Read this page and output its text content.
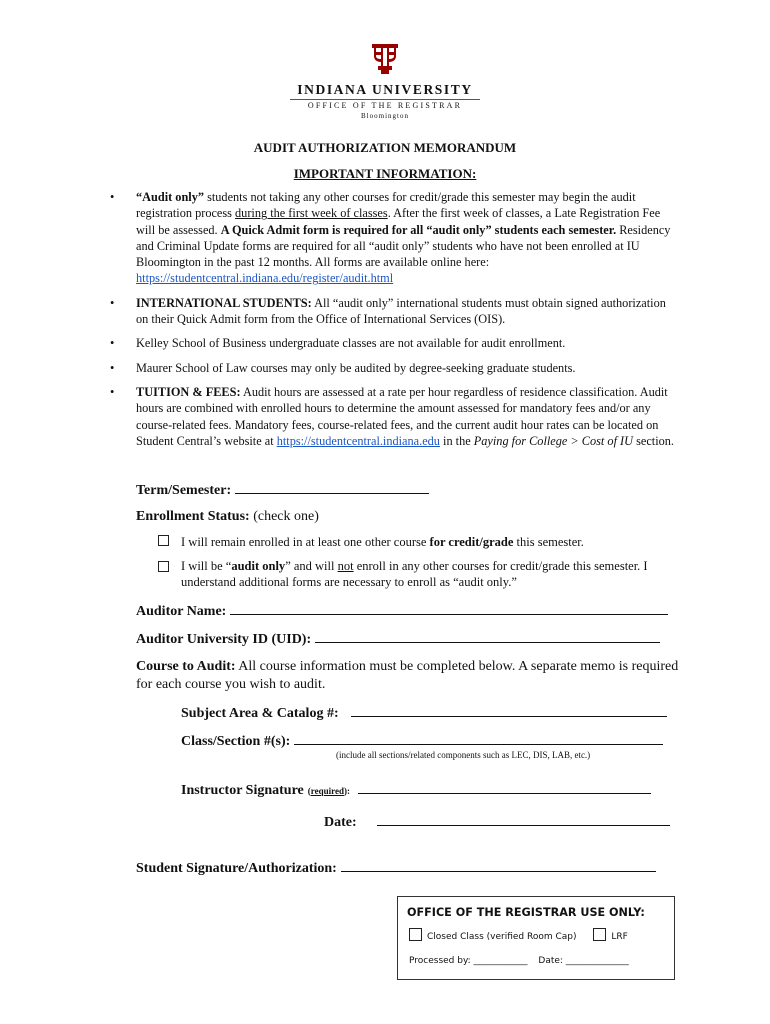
INDIANA UNIVERSITY
OFFICE OF THE REGISTRAR
Bloomington
AUDIT AUTHORIZATION MEMORANDUM
IMPORTANT INFORMATION:
• “Audit only” students not taking any other courses for credit/grade this semester may begin the audit registration process during the first week of classes. After the first week of classes, a Late Registration Fee will be assessed. A Quick Admit form is required for all “audit only” students each semester. Residency and Criminal Update forms are required for all “audit only” students who have not been enrolled at IU Bloomington in the past 12 months. All forms are available online here: https://studentcentral.indiana.edu/register/audit.html
• INTERNATIONAL STUDENTS: All “audit only” international students must obtain signed authorization on their Quick Admit form from the Office of International Services (OIS).
• Kelley School of Business undergraduate classes are not available for audit enrollment.
• Maurer School of Law courses may only be audited by degree-seeking graduate students.
• TUITION & FEES: Audit hours are assessed at a rate per hour regardless of residence classification. Audit hours are combined with enrolled hours to determine the amount assessed for mandatory fees and/or any course-related fees. Mandatory fees, course-related fees, and the current audit hour rates can be located on Student Central’s website at https://studentcentral.indiana.edu in the Paying for College > Cost of IU section.
Term/Semester:
Enrollment Status: (check one)
I will remain enrolled in at least one other course for credit/grade this semester.
I will be “audit only” and will not enroll in any other courses for credit/grade this semester. I understand additional forms are necessary to enroll as “audit only.”
Auditor Name:
Auditor University ID (UID):
Course to Audit: All course information must be completed below. A separate memo is required for each course you wish to audit.
Subject Area & Catalog #:
Class/Section #(s):
(include all sections/related components such as LEC, DIS, LAB, etc.)
Instructor Signature (required):
Date:
Student Signature/Authorization:
OFFICE OF THE REGISTRAR USE ONLY:
Closed Class (verified Room Cap)	LRF
Processed by: ____________ Date: ______________
